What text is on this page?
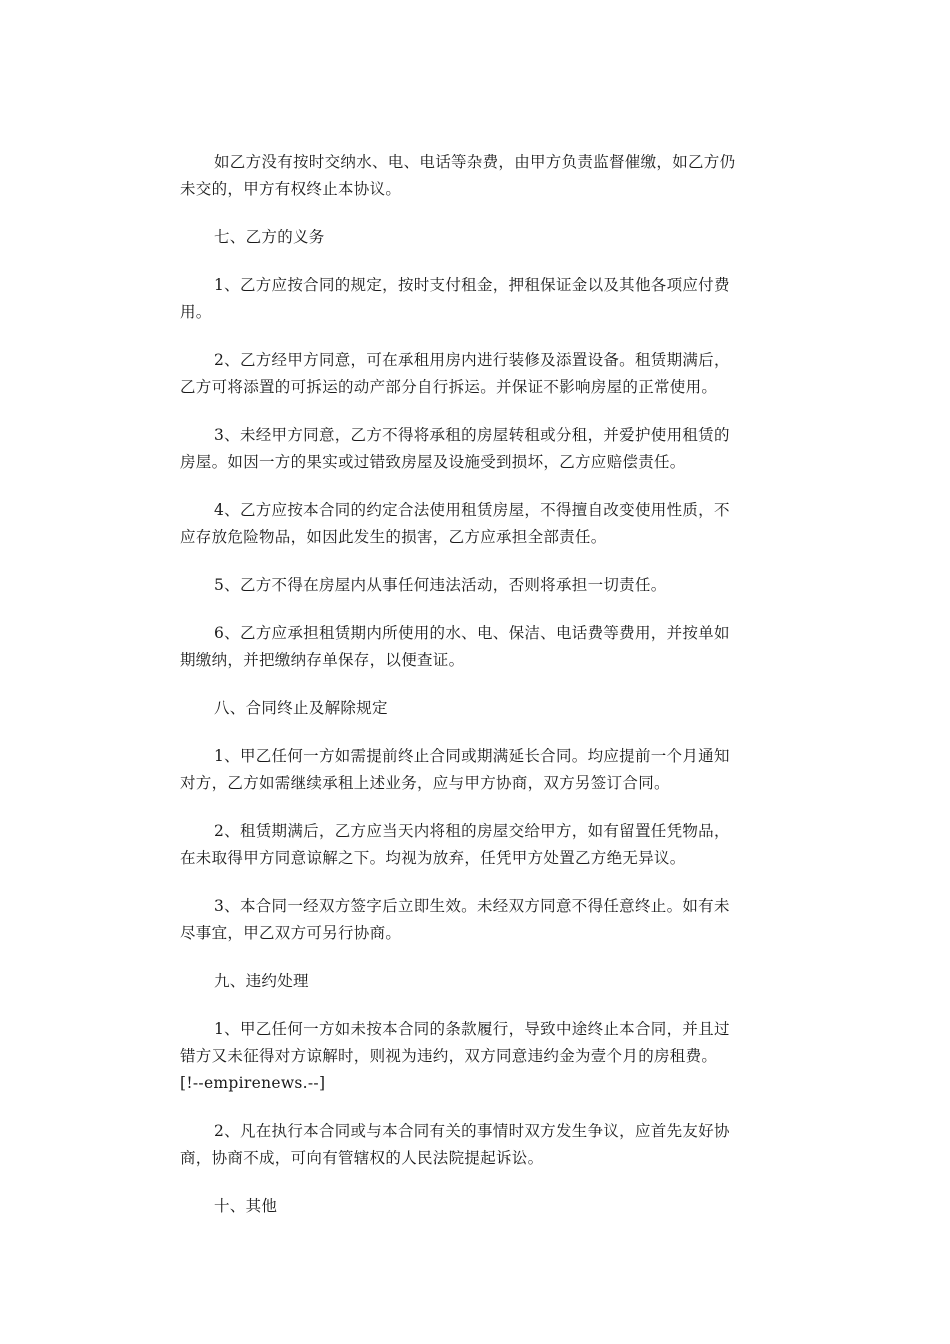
如乙方没有按时交纳水、电、电话等杂费，由甲方负责监督催缴，如乙方仍
未交的，甲方有权终止本协议。
七、乙方的义务
1、乙方应按合同的规定，按时支付租金，押租保证金以及其他各项应付费
用。
2、乙方经甲方同意，可在承租用房内进行装修及添置设备。租赁期满后，
乙方可将添置的可拆运的动产部分自行拆运。并保证不影响房屋的正常使用。
3、未经甲方同意，乙方不得将承租的房屋转租或分租，并爱护使用租赁的
房屋。如因一方的果实或过错致房屋及设施受到损坏，乙方应赔偿责任。
4、乙方应按本合同的约定合法使用租赁房屋，不得擅自改变使用性质，不
应存放危险物品，如因此发生的损害，乙方应承担全部责任。
5、乙方不得在房屋内从事任何违法活动，否则将承担一切责任。
6、乙方应承担租赁期内所使用的水、电、保洁、电话费等费用，并按单如
期缴纳，并把缴纳存单保存，以便查证。
八、合同终止及解除规定
1、甲乙任何一方如需提前终止合同或期满延长合同。均应提前一个月通知
对方，乙方如需继续承租上述业务，应与甲方协商，双方另签订合同。
2、租赁期满后，乙方应当天内将租的房屋交给甲方，如有留置任凭物品，
在未取得甲方同意谅解之下。均视为放弃，任凭甲方处置乙方绝无异议。
3、本合同一经双方签字后立即生效。未经双方同意不得任意终止。如有未
尽事宜，甲乙双方可另行协商。
九、违约处理
1、甲乙任何一方如未按本合同的条款履行，导致中途终止本合同，并且过
错方又未征得对方谅解时，则视为违约，双方同意违约金为壹个月的房租费。
[!--empirenews.--]
2、凡在执行本合同或与本合同有关的事情时双方发生争议，应首先友好协
商，协商不成，可向有管辖权的人民法院提起诉讼。
十、其他
